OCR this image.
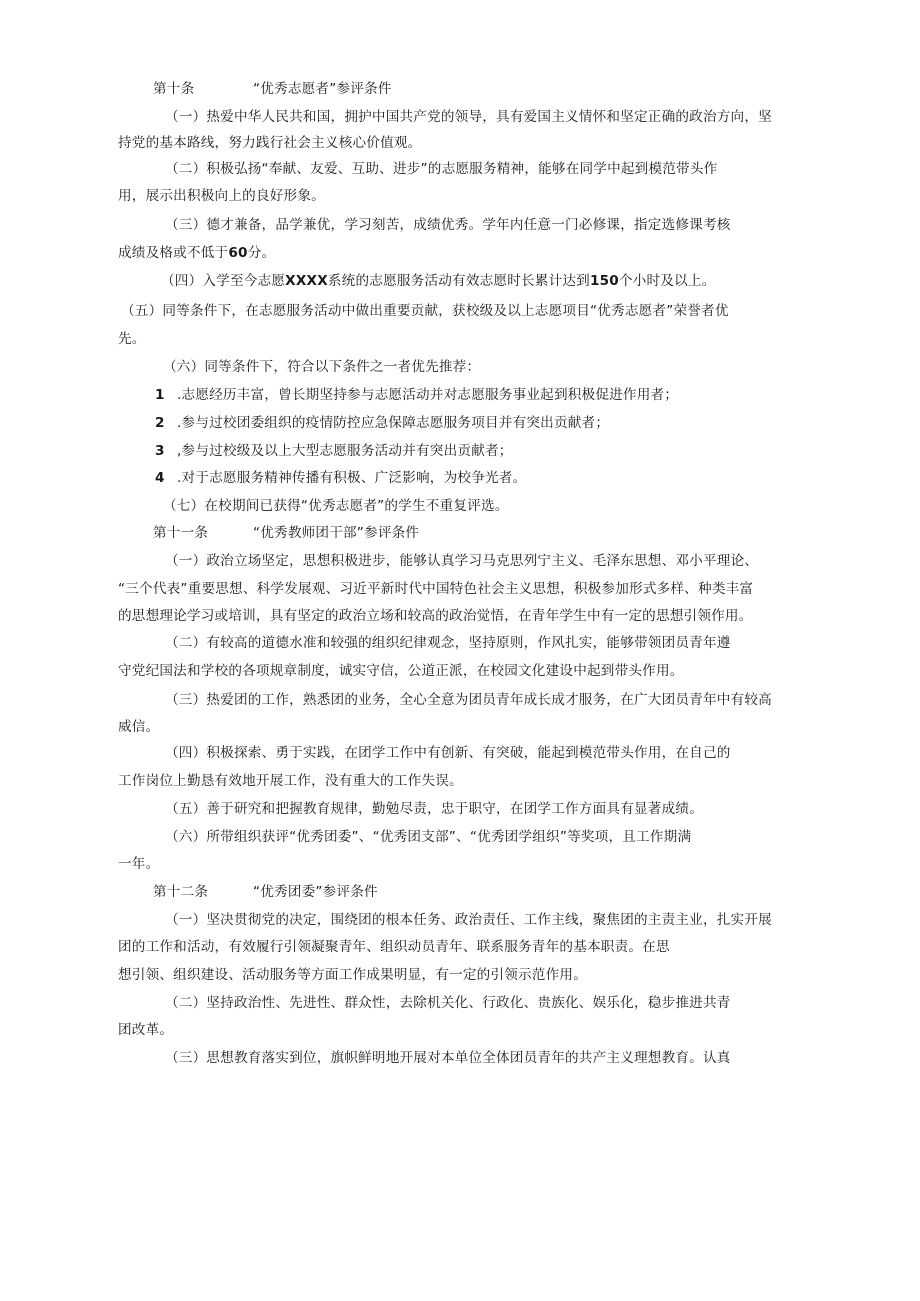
第十条	“优秀志愿者”参评条件
（一）热爱中华人民共和国，拥护中国共产党的领导，具有爱国主义情怀和坚定正确的政治方向，坚
持党的基本路线，努力践行社会主义核心价值观。
（二）积极弘扬“奉献、友爱、互助、进步”的志愿服务精神，能够在同学中起到模范带头作
用，展示出积极向上的良好形象。
（三）德才兼备，品学兼优，学习刻苦，成绩优秀。学年内任意一门必修课，指定选修课考核
成绩及格或不低于60分。
（四）入学至今志愿XXXX系统的志愿服务活动有效志愿时长累计达到150个小时及以上。
（五）同等条件下，在志愿服务活动中做出重要贡献，获校级及以上志愿项目“优秀志愿者”荣誉者优
先。
（六）同等条件下，符合以下条件之一者优先推荐：
1 .志愿经历丰富，曾长期坚持参与志愿活动并对志愿服务事业起到积极促进作用者；
2 .参与过校团委组织的疫情防控应急保障志愿服务项目并有突出贡献者；
3 ,参与过校级及以上大型志愿服务活动并有突出贡献者；
4 .对于志愿服务精神传播有积极、广泛影响，为校争光者。
（七）在校期间已获得“优秀志愿者”的学生不重复评选。
第十一条	“优秀教师团干部”参评条件
（一）政治立场坚定，思想积极进步，能够认真学习马克思列宁主义、毛泽东思想、邓小平理论、
“三个代表”重要思想、科学发展观、习近平新时代中国特色社会主义思想，积极参加形式多样、种类丰富
的思想理论学习或培训，具有坚定的政治立场和较高的政治觉悟，在青年学生中有一定的思想引领作用。
（二）有较高的道德水准和较强的组织纪律观念，坚持原则，作风扎实，能够带领团员青年遵
守党纪国法和学校的各项规章制度，诚实守信，公道正派，在校园文化建设中起到带头作用。
（三）热爱团的工作，熟悉团的业务，全心全意为团员青年成长成才服务，在广大团员青年中有较高
威信。
（四）积极探索、勇于实践，在团学工作中有创新、有突破，能起到模范带头作用，在自己的
工作岗位上勤恳有效地开展工作，没有重大的工作失误。
（五）善于研究和把握教育规律，勤勉尽责，忠于职守，在团学工作方面具有显著成绩。
（六）所带组织获评“优秀团委”、“优秀团支部”、“优秀团学组织”等奖项，且工作期满
一年。
第十二条	“优秀团委”参评条件
（一）坚决贯彻党的决定，围绕团的根本任务、政治责任、工作主线，聚焦团的主责主业，扎实开展
团的工作和活动，有效履行引领凝聚青年、组织动员青年、联系服务青年的基本职责。在思
想引领、组织建设、活动服务等方面工作成果明显，有一定的引领示范作用。
（二）坚持政治性、先进性、群众性，去除机关化、行政化、贵族化、娱乐化，稳步推进共青
团改革。
（三）思想教育落实到位，旗帜鲜明地开展对本单位全体团员青年的共产主义理想教育。认真
